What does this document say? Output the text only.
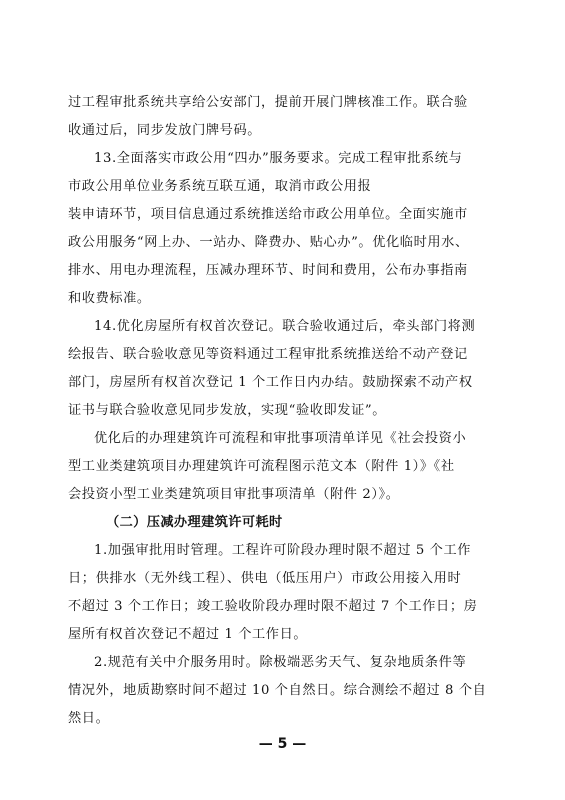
过工程审批系统共享给公安部门，提前开展门牌核准工作。联合验
收通过后，同步发放门牌号码。
13.全面落实市政公用“四办”服务要求。完成工程审批系统与
市政公用单位业务系统互联互通，取消市政公用报
装申请环节，项目信息通过系统推送给市政公用单位。全面实施市
政公用服务“网上办、一站办、降费办、贴心办”。优化临时用水、
排水、用电办理流程，压减办理环节、时间和费用，公布办事指南
和收费标准。
14.优化房屋所有权首次登记。联合验收通过后，牵头部门将测
绘报告、联合验收意见等资料通过工程审批系统推送给不动产登记
部门，房屋所有权首次登记 1 个工作日内办结。鼓励探索不动产权
证书与联合验收意见同步发放，实现“验收即发证”。
优化后的办理建筑许可流程和审批事项清单详见《社会投资小
型工业类建筑项目办理建筑许可流程图示范文本（附件 1）》《社
会投资小型工业类建筑项目审批事项清单（附件 2）》。
（二）压减办理建筑许可耗时
1.加强审批用时管理。工程许可阶段办理时限不超过 5 个工作
日；供排水（无外线工程）、供电（低压用户）市政公用接入用时
不超过 3 个工作日；竣工验收阶段办理时限不超过 7 个工作日；房
屋所有权首次登记不超过 1 个工作日。
2.规范有关中介服务用时。除极端恶劣天气、复杂地质条件等
情况外，地质勘察时间不超过 10 个自然日。综合测绘不超过 8 个自
然日。
— 5 —
